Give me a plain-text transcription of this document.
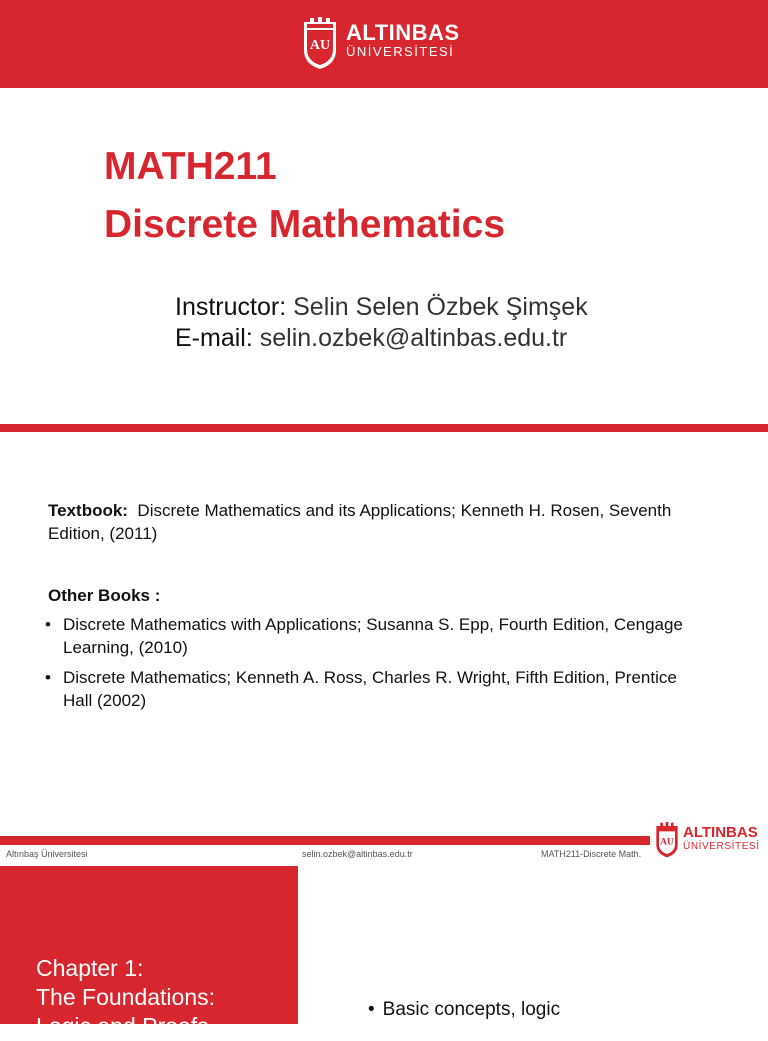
AU
ALTINBAS
ÜNİVERSİTESİ
MATH211
Discrete Mathematics
Instructor: Selin Selen Özbek Şimşek
E-mail: selin.ozbek@altinbas.edu.tr
Textbook: Discrete Mathematics and its Applications; Kenneth H. Rosen, Seventh Edition, (2011)
Other Books :
• Discrete Mathematics with Applications; Susanna S. Epp, Fourth Edition, Cengage Learning, (2010)
• Discrete Mathematics; Kenneth A. Ross, Charles R. Wright, Fifth Edition, Prentice Hall (2002)
Altınbaş Üniversitesi	selin.ozbek@altinbas.edu.tr	MATH211-Discrete Math.
AU
ALTINBAS
ÜNİVERSİTESİ
Chapter 1:
The Foundations:
Logic and Proofs
• Basic concepts, logic
